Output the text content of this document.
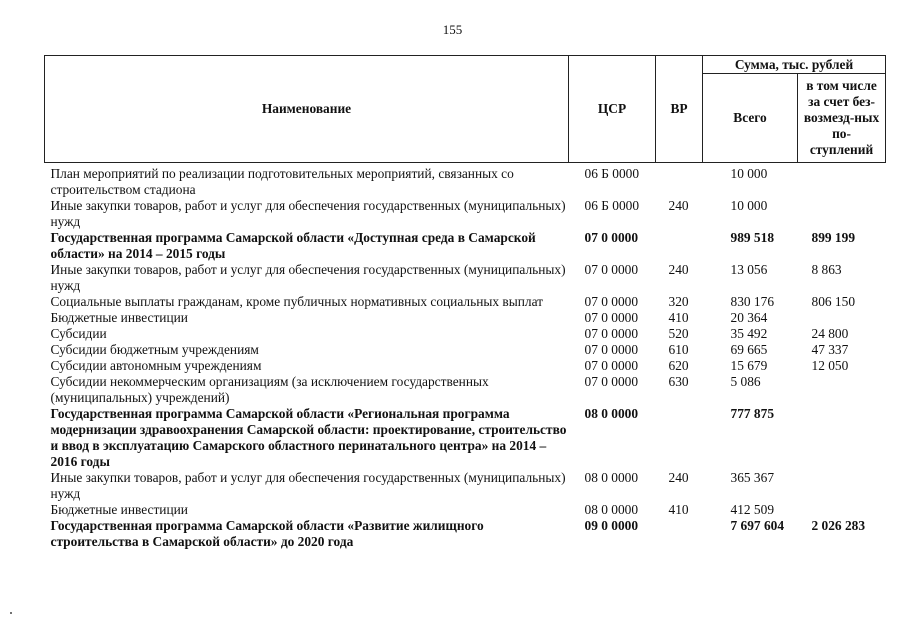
155
Наименование	ЦСР	ВР	Сумма, тыс. рублей	
			Всего	в том числе за счет без-возмезд-ных по-ступлений
План мероприятий по реализации подготовительных мероприятий, связанных со строительством стадиона	06 Б 0000		10 000	
Иные закупки товаров, работ и услуг для обеспечения государственных (муниципальных) нужд	06 Б 0000	240	10 000	
Государственная программа Самарской области «Доступная среда в Самарской области» на 2014 – 2015 годы	07 0 0000		989 518	899 199
Иные закупки товаров, работ и услуг для обеспечения государственных (муниципальных) нужд	07 0 0000	240	13 056	8 863
Социальные выплаты гражданам, кроме публичных нормативных социальных выплат	07 0 0000	320	830 176	806 150
Бюджетные инвестиции	07 0 0000	410	20 364	
Субсидии	07 0 0000	520	35 492	24 800
Субсидии бюджетным учреждениям	07 0 0000	610	69 665	47 337
Субсидии автономным учреждениям	07 0 0000	620	15 679	12 050
Субсидии некоммерческим организациям (за исключением государственных (муниципальных) учреждений)	07 0 0000	630	5 086	
Государственная программа Самарской области «Региональная программа модернизации здравоохранения Самарской области: проектирование, строительство и ввод в эксплуатацию Самарского областного перинатального центра» на 2014 – 2016 годы	08 0 0000		777 875	
Иные закупки товаров, работ и услуг для обеспечения государственных (муниципальных) нужд	08 0 0000	240	365 367	
Бюджетные инвестиции	08 0 0000	410	412 509	
Государственная программа Самарской области «Развитие жилищного строительства в Самарской области» до 2020 года	09 0 0000		7 697 604	2 026 283
